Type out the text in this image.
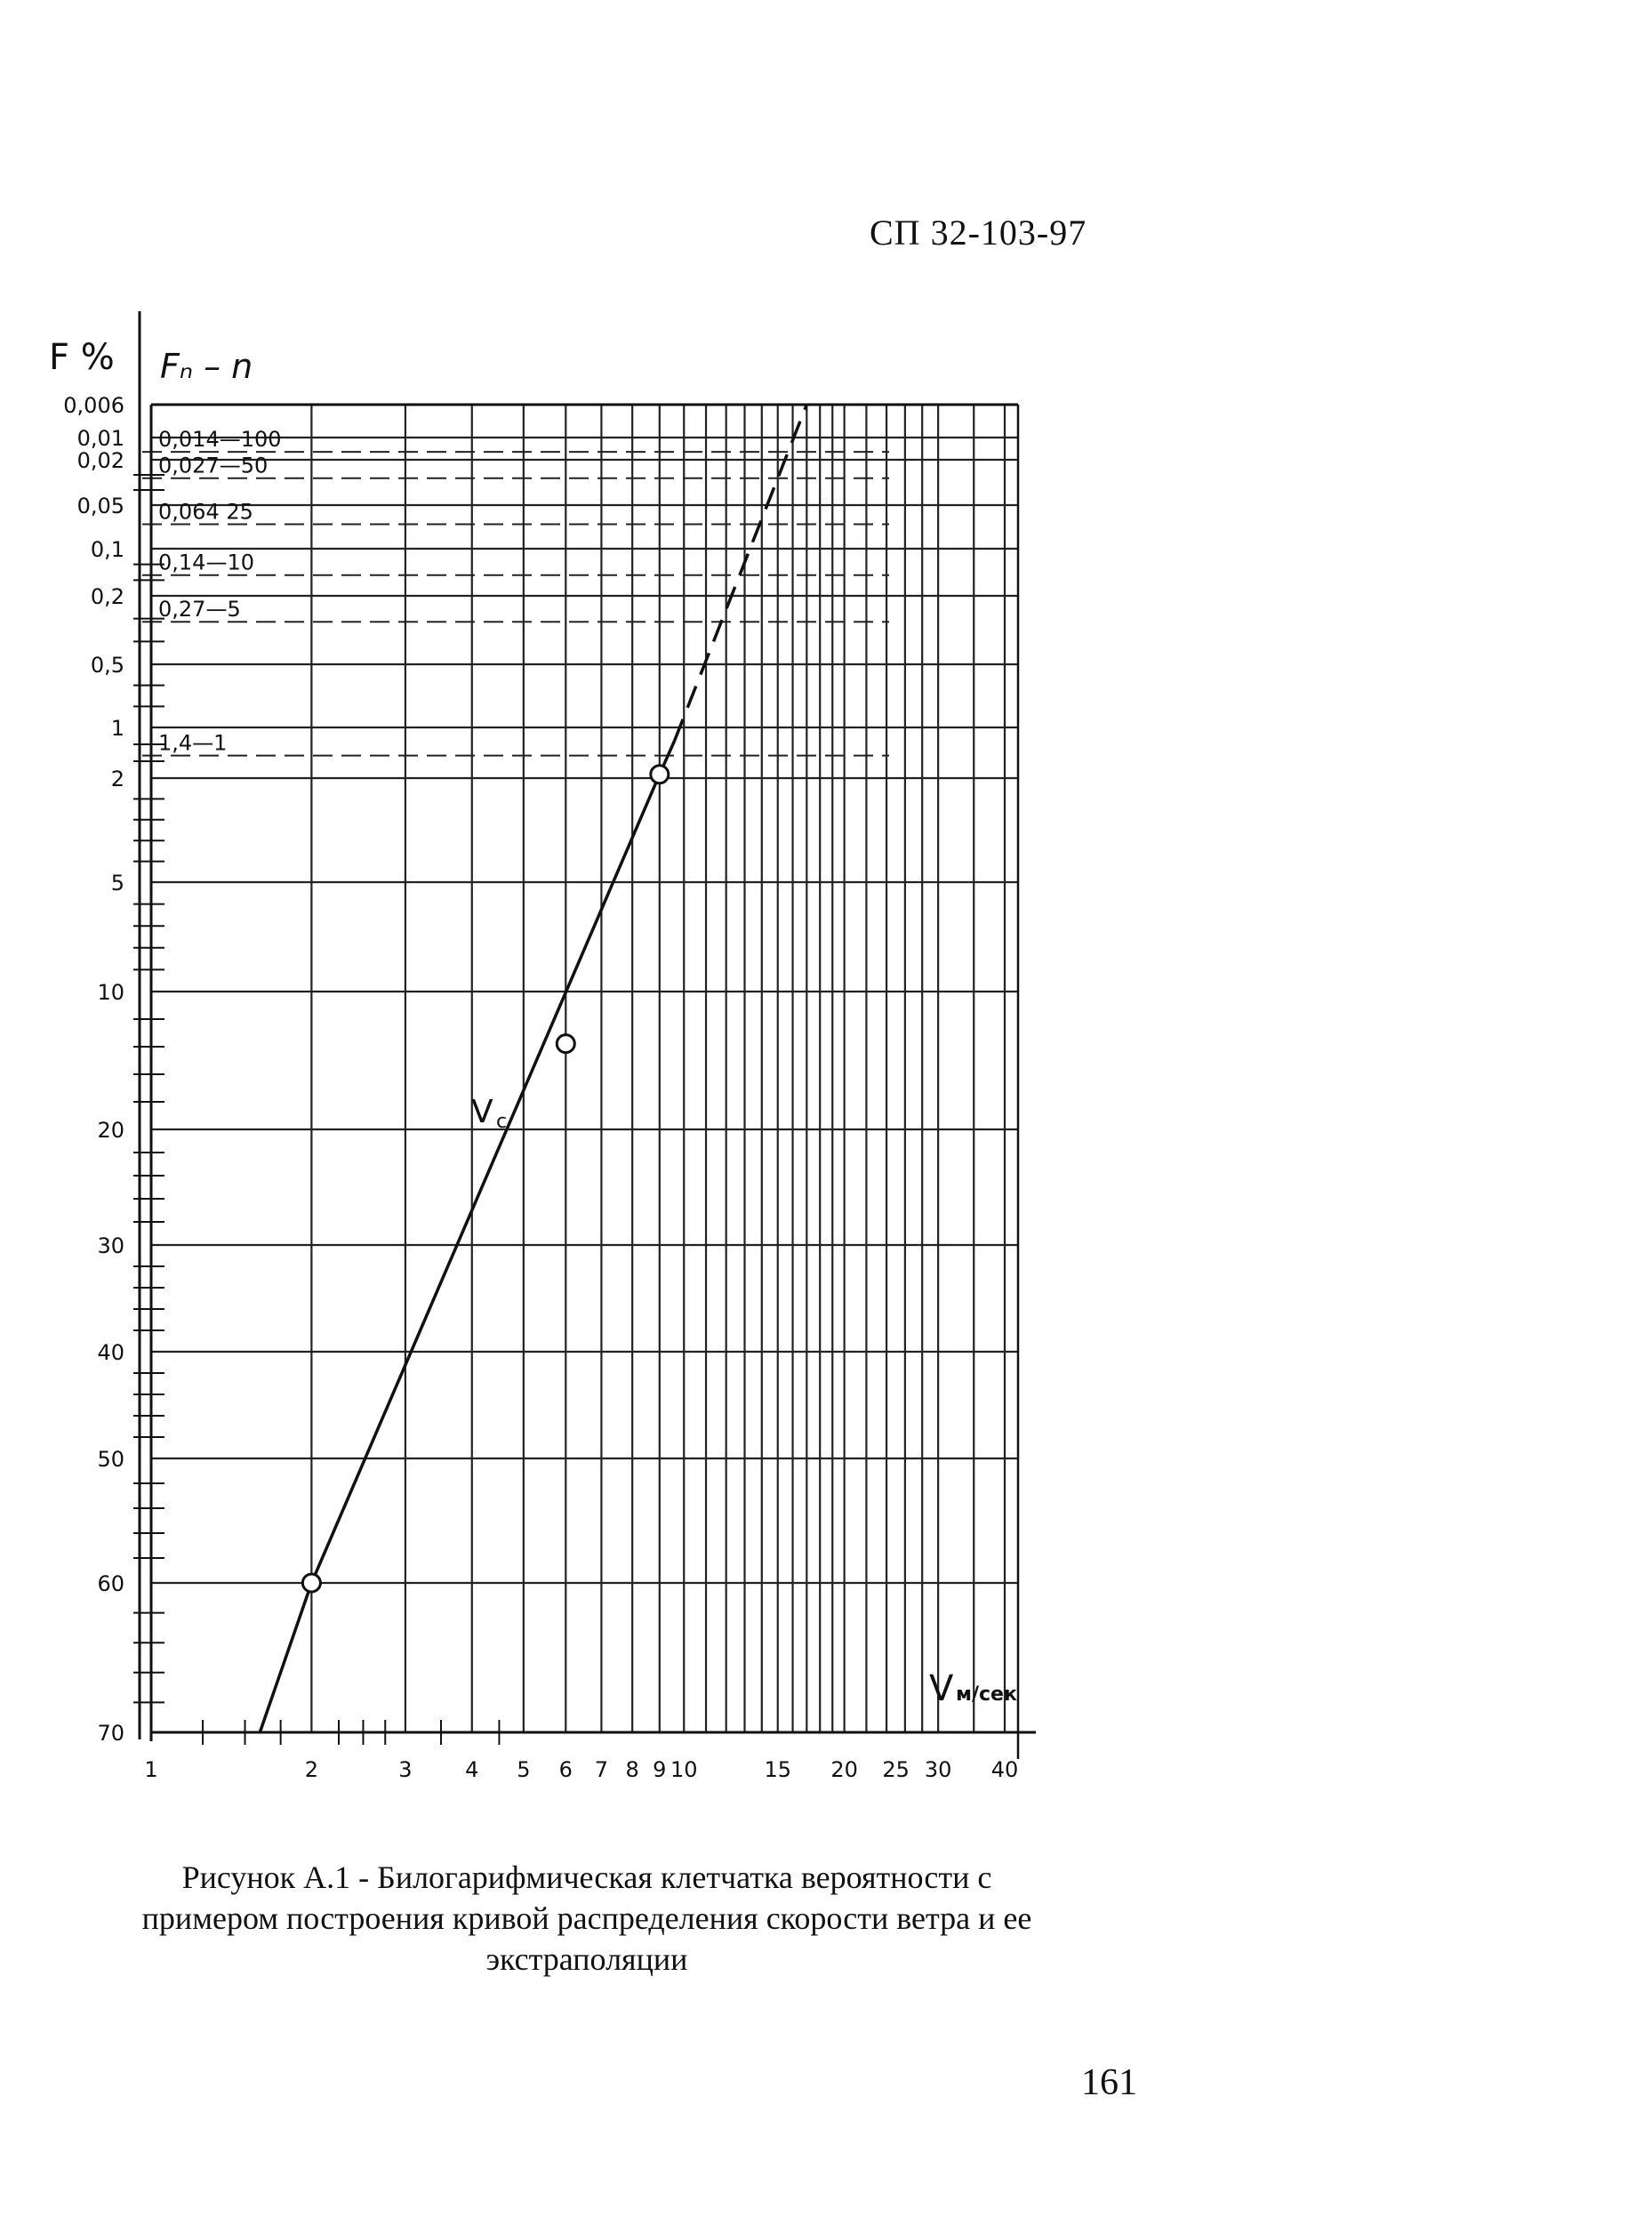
СП 32-103-97
0,014—100
0,027—50
0,064 25
0,14—10
0,27—5
1,4—1
0,006
0,01
0,02
0,05
0,1
0,2
0,5
1
2
5
10
20
30
40
50
60
70
1	2	3 4 5 6 7 8 9 10	15 20 25 30 40
F % Fₙ – n
V м/сек
V c
Рисунок А.1 - Билогарифмическая клетчатка вероятности с
примером построения кривой распределения скорости ветра и ее
экстраполяции
161
